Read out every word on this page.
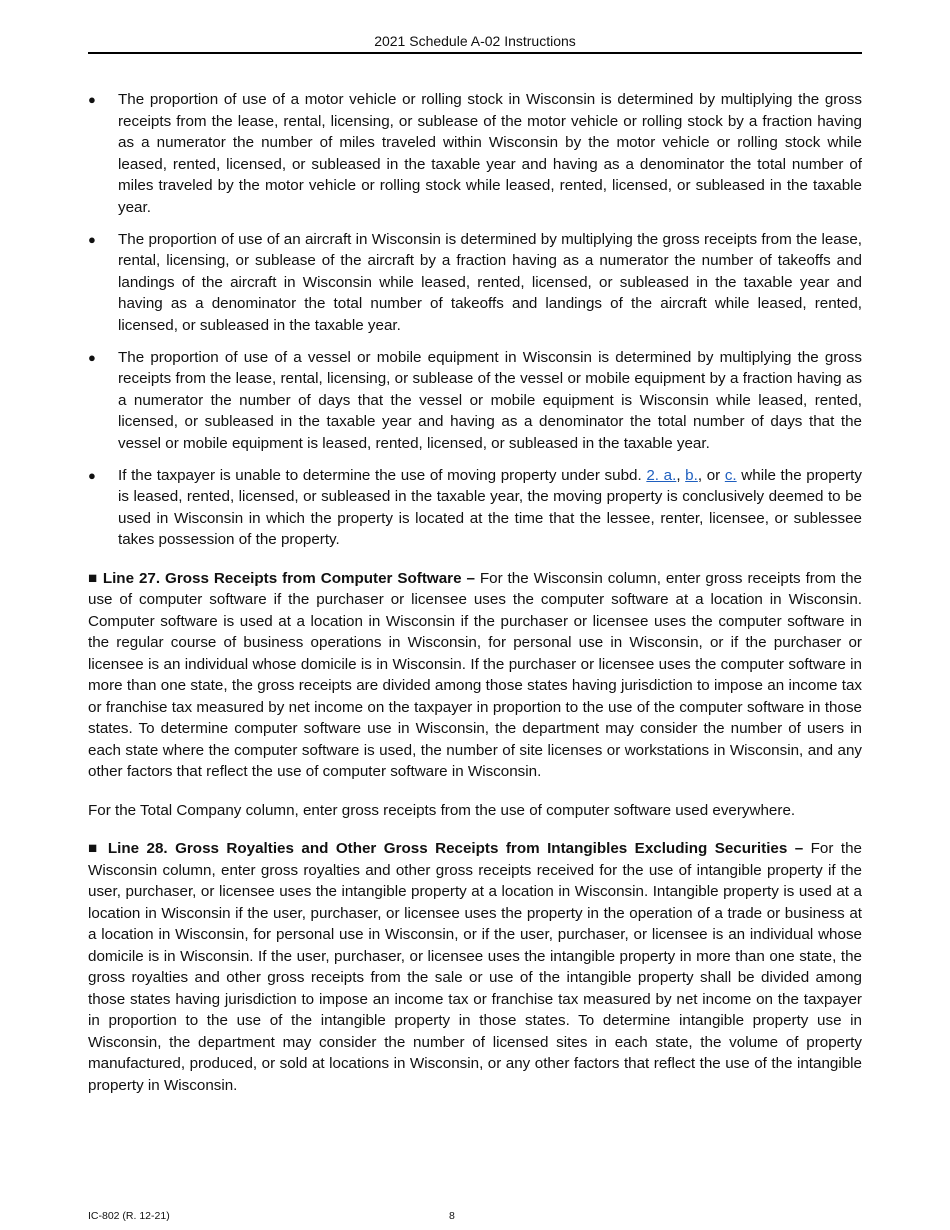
2021 Schedule A-02 Instructions
● The proportion of use of a motor vehicle or rolling stock in Wisconsin is determined by multiplying the gross receipts from the lease, rental, licensing, or sublease of the motor vehicle or rolling stock by a fraction having as a numerator the number of miles traveled within Wisconsin by the motor vehicle or rolling stock while leased, rented, licensed, or subleased in the taxable year and having as a denominator the total number of miles traveled by the motor vehicle or rolling stock while leased, rented, licensed, or subleased in the taxable year.
● The proportion of use of an aircraft in Wisconsin is determined by multiplying the gross receipts from the lease, rental, licensing, or sublease of the aircraft by a fraction having as a numerator the number of takeoffs and landings of the aircraft in Wisconsin while leased, rented, licensed, or subleased in the taxable year and having as a denominator the total number of takeoffs and landings of the aircraft while leased, rented, licensed, or subleased in the taxable year.
● The proportion of use of a vessel or mobile equipment in Wisconsin is determined by multiplying the gross receipts from the lease, rental, licensing, or sublease of the vessel or mobile equipment by a fraction having as a numerator the number of days that the vessel or mobile equipment is Wisconsin while leased, rented, licensed, or subleased in the taxable year and having as a denominator the total number of days that the vessel or mobile equipment is leased, rented, licensed, or subleased in the taxable year.
● If the taxpayer is unable to determine the use of moving property under subd. 2. a., b., or c. while the property is leased, rented, licensed, or subleased in the taxable year, the moving property is conclusively deemed to be used in Wisconsin in which the property is located at the time that the lessee, renter, licensee, or sublessee takes possession of the property.

■ Line 27. Gross Receipts from Computer Software – For the Wisconsin column, enter gross receipts from the use of computer software if the purchaser or licensee uses the computer software at a location in Wisconsin. Computer software is used at a location in Wisconsin if the purchaser or licensee uses the computer software in the regular course of business operations in Wisconsin, for personal use in Wisconsin, or if the purchaser or licensee is an individual whose domicile is in Wisconsin. If the purchaser or licensee uses the computer software in more than one state, the gross receipts are divided among those states having jurisdiction to impose an income tax or franchise tax measured by net income on the taxpayer in proportion to the use of the computer software in those states. To determine computer software use in Wisconsin, the department may consider the number of users in each state where the computer software is used, the number of site licenses or workstations in Wisconsin, and any other factors that reflect the use of computer software in Wisconsin.

For the Total Company column, enter gross receipts from the use of computer software used everywhere.

■ Line 28. Gross Royalties and Other Gross Receipts from Intangibles Excluding Securities – For the Wisconsin column, enter gross royalties and other gross receipts received for the use of intangible property if the user, purchaser, or licensee uses the intangible property at a location in Wisconsin. Intangible property is used at a location in Wisconsin if the user, purchaser, or licensee uses the property in the operation of a trade or business at a location in Wisconsin, for personal use in Wisconsin, or if the user, purchaser, or licensee is an individual whose domicile is in Wisconsin. If the user, purchaser, or licensee uses the intangible property in more than one state, the gross royalties and other gross receipts from the sale or use of the intangible property shall be divided among those states having jurisdiction to impose an income tax or franchise tax measured by net income on the taxpayer in proportion to the use of the intangible property in those states. To determine intangible property use in Wisconsin, the department may consider the number of licensed sites in each state, the volume of property manufactured, produced, or sold at locations in Wisconsin, or any other factors that reflect the use of the intangible property in Wisconsin.

IC-802 (R. 12-21)	8
